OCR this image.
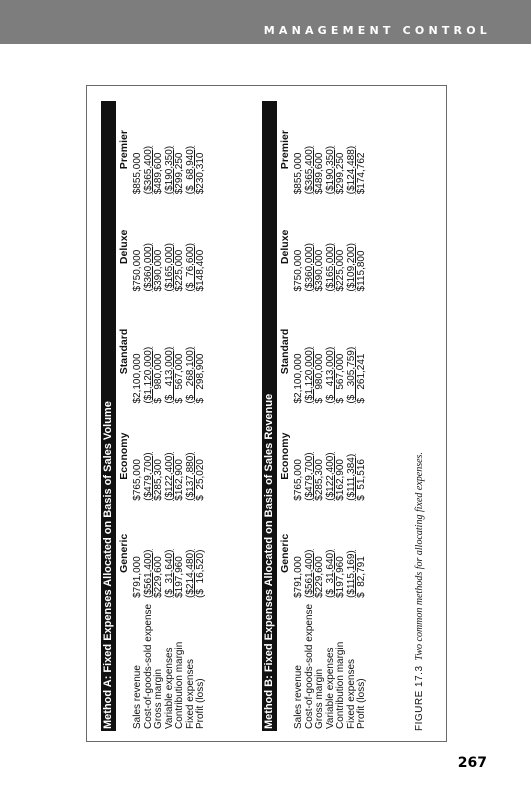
MANAGEMENT CONTROL
Method A: Fixed Expenses Allocated on Basis of Sales Volume					
	Generic	Economy	Standard	Deluxe	Premier
Sales revenue	$791,000	$765,000	$2,100,000	$750,000	$855,000
Cost-of-goods-sold expense	($561,400)	($479,700)	($1,120,000)	($360,000)	($365,400)
Gross margin	$229,600	$285,300	$   980,000	$390,000	$489,600
Variable expenses	($  31,640)	($122,400)	($   413,000)	($165,000)	($190,350)
Contribution margin	$197,960	$162,900	$   567,000	$225,000	$299,250
Fixed expenses	($214,480)	($137,880)	($   268,100)	($  76,600)	($  68,940)
Profit (loss)	($  16,520)	$  25,020	$   298,900	$148,400	$230,310
Method B: Fixed Expenses Allocated on Basis of Sales Revenue					
	Generic	Economy	Standard	Deluxe	Premier
Sales revenue	$791,000	$765,000	$2,100,000	$750,000	$855,000
Cost-of-goods-sold expense	($561,400)	($479,700)	($1,120,000)	($360,000)	($365,400)
Gross margin	$229,600	$285,300	$   980,000	$390,000	$489,600
Variable expenses	($  31,640)	($122,400)	($   413,000)	($165,000)	($190,350)
Contribution margin	$197,960	$162,900	$   567,000	$225,000	$299,250
Fixed expenses	($115,169)	($111,384)	($   305,759)	($109,200)	($124,488)
Profit (loss)	$  82,791	$  51,516	$   261,241	$115,800	$174,762
FIGURE 17.3  Two common methods for allocating fixed expenses.
267
